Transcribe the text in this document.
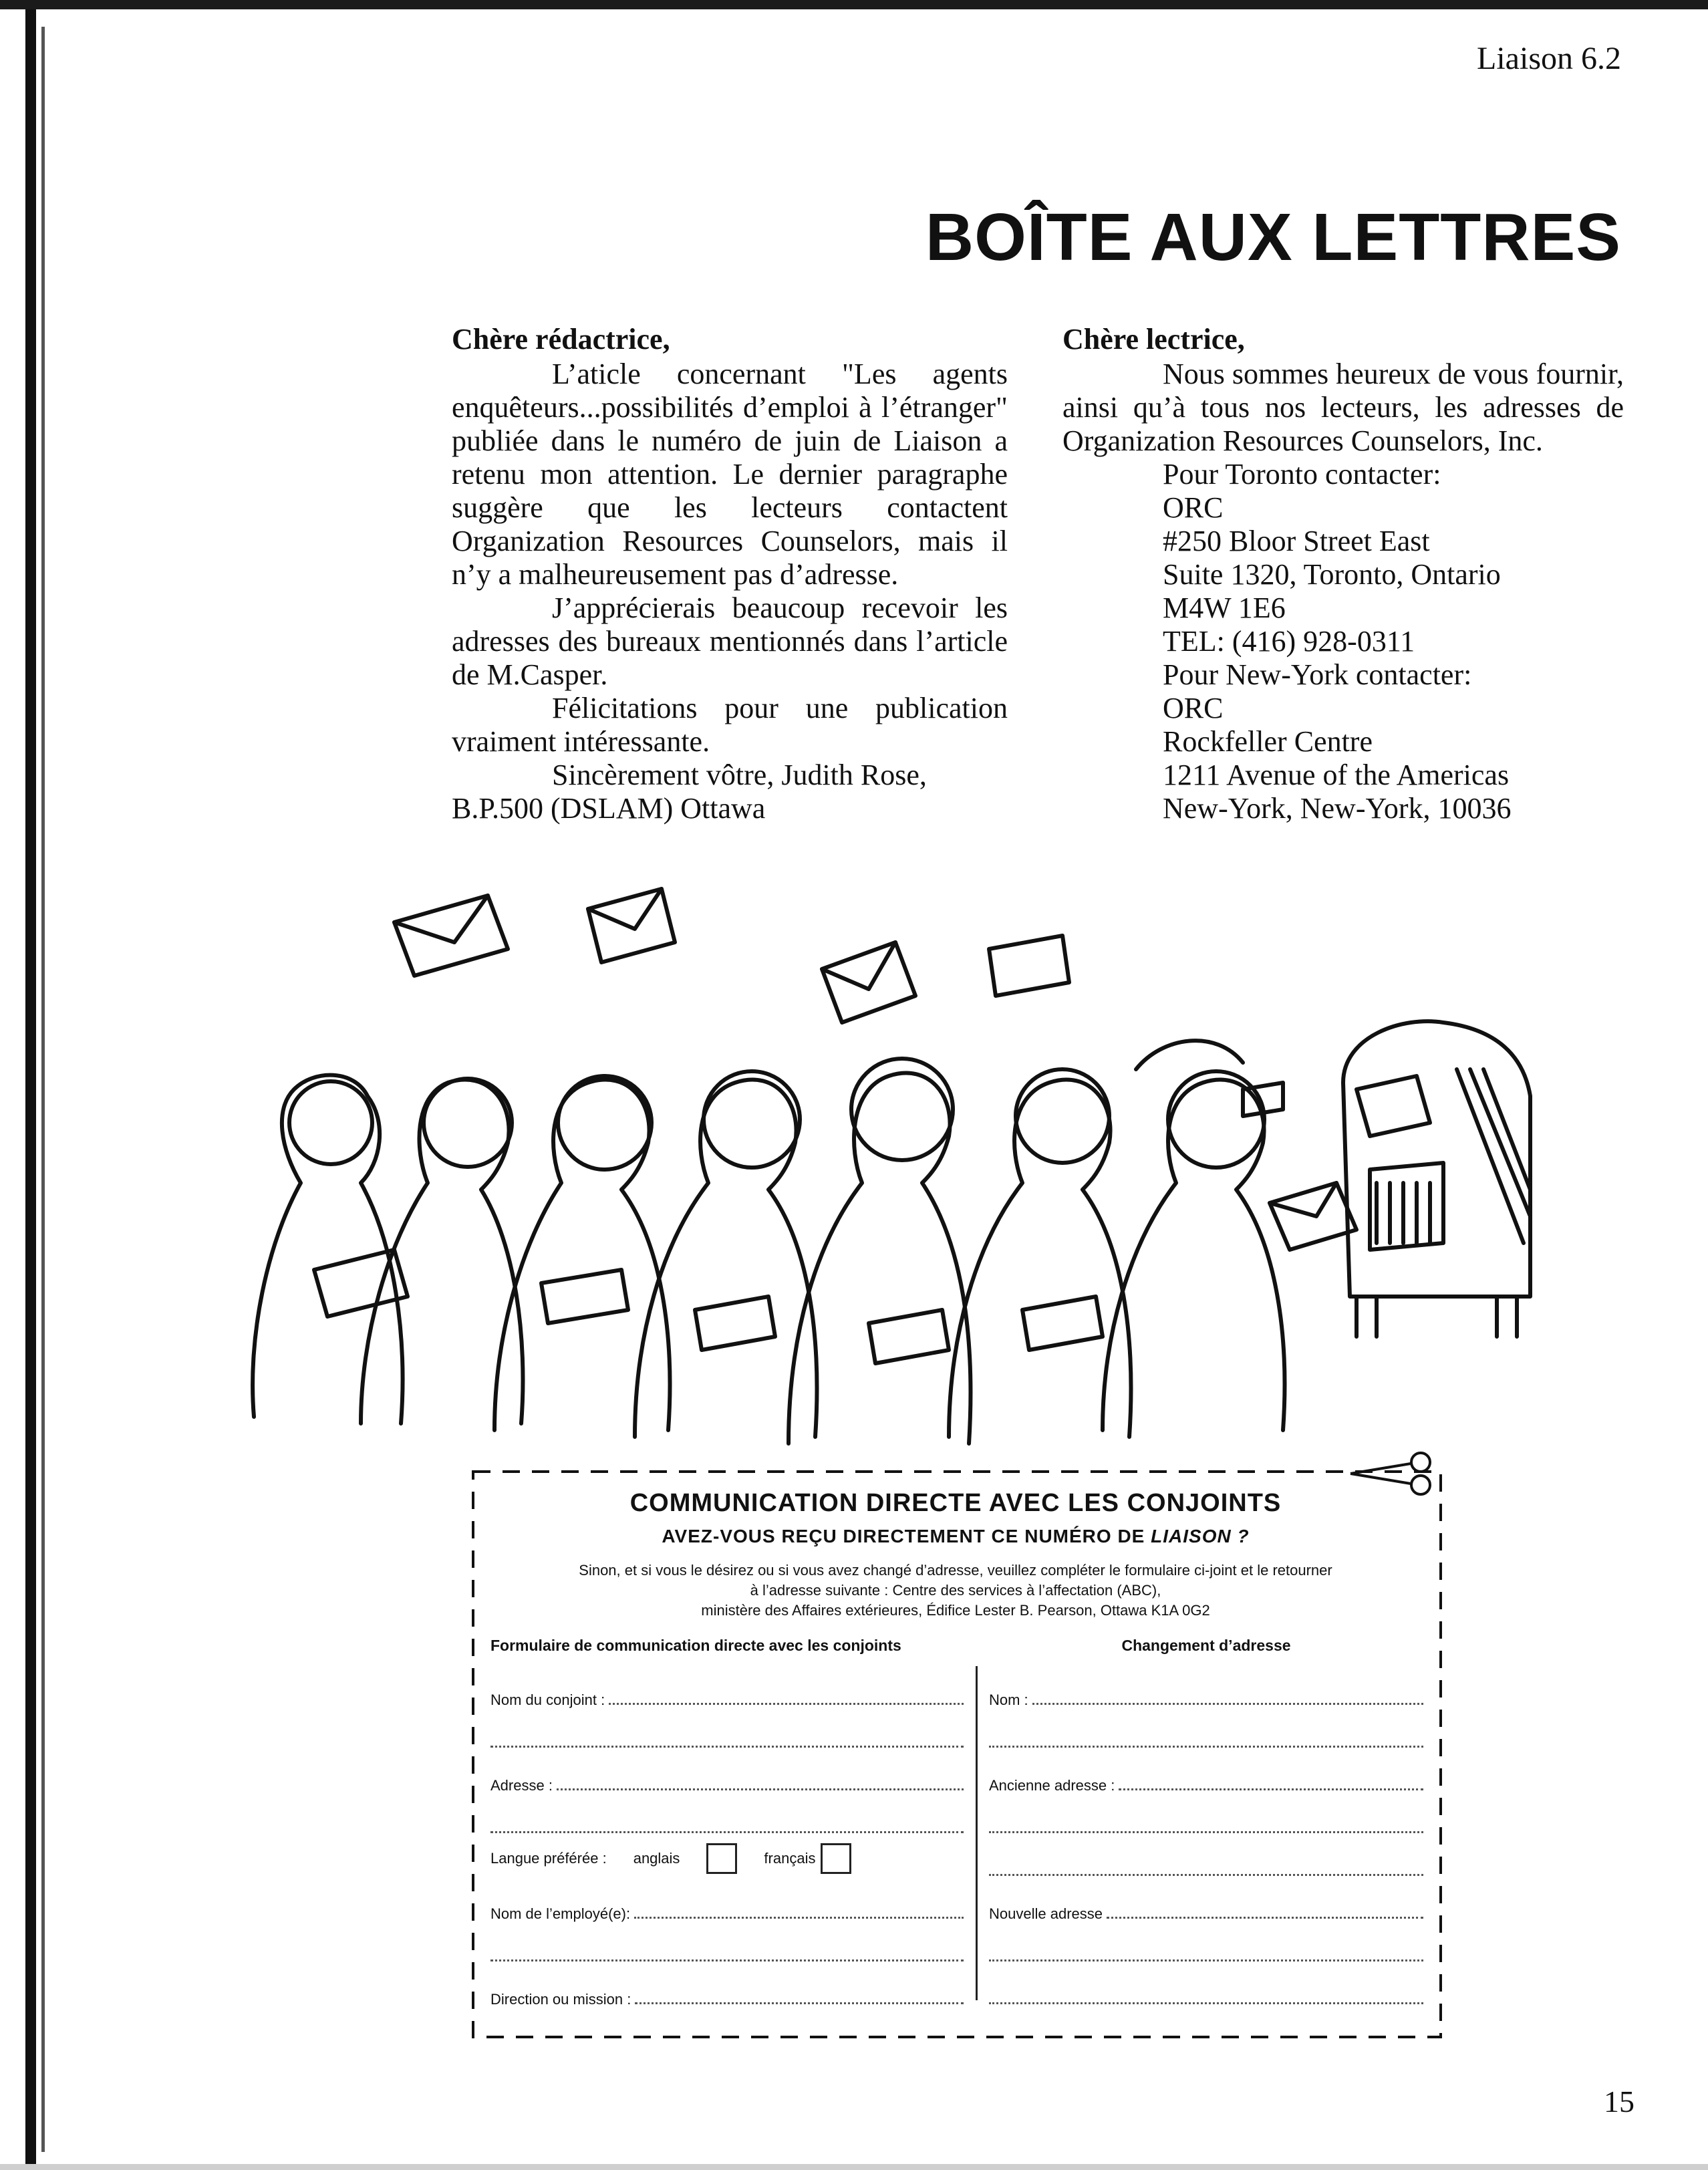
Liaison 6.2
BOÎTE AUX LETTRES
Chère rédactrice,
L’aticle concernant "Les agents enquêteurs...possibilités d’emploi à l’étranger" publiée dans le numéro de juin de Liaison a retenu mon attention. Le dernier paragraphe suggère que les lecteurs contactent Organization Resources Counselors, mais il n’y a malheureusement pas d’adresse.
J’apprécierais beaucoup recevoir les adresses des bureaux mentionnés dans l’article de M.Casper.
Félicitations pour une publication vraiment intéressante.
Sincèrement vôtre, Judith Rose,
B.P.500 (DSLAM) Ottawa
Chère lectrice,
Nous sommes heureux de vous fournir, ainsi qu’à tous nos lecteurs, les adresses de Organization Resources Counselors, Inc.
Pour Toronto contacter:
ORC
#250 Bloor Street East
Suite 1320, Toronto, Ontario
M4W 1E6
TEL: (416) 928-0311
Pour New-York contacter:
ORC
Rockfeller Centre
1211 Avenue of the Americas
New-York, New-York, 10036
COMMUNICATION DIRECTE AVEC LES CONJOINTS
AVEZ-VOUS REÇU DIRECTEMENT CE NUMÉRO DE LIAISON ?
Sinon, et si vous le désirez ou si vous avez changé d’adresse, veuillez compléter le formulaire ci-joint et le retourner
à l’adresse suivante : Centre des services à l’affectation (ABC),
ministère des Affaires extérieures, Édifice Lester B. Pearson, Ottawa K1A 0G2
Formulaire de communication directe avec les conjoints
Nom du conjoint :
Adresse :
Langue préférée :	anglais	français
Nom de l’employé(e):
Direction ou mission :
Changement d’adresse
Nom :
Ancienne adresse :
Nouvelle adresse
15
